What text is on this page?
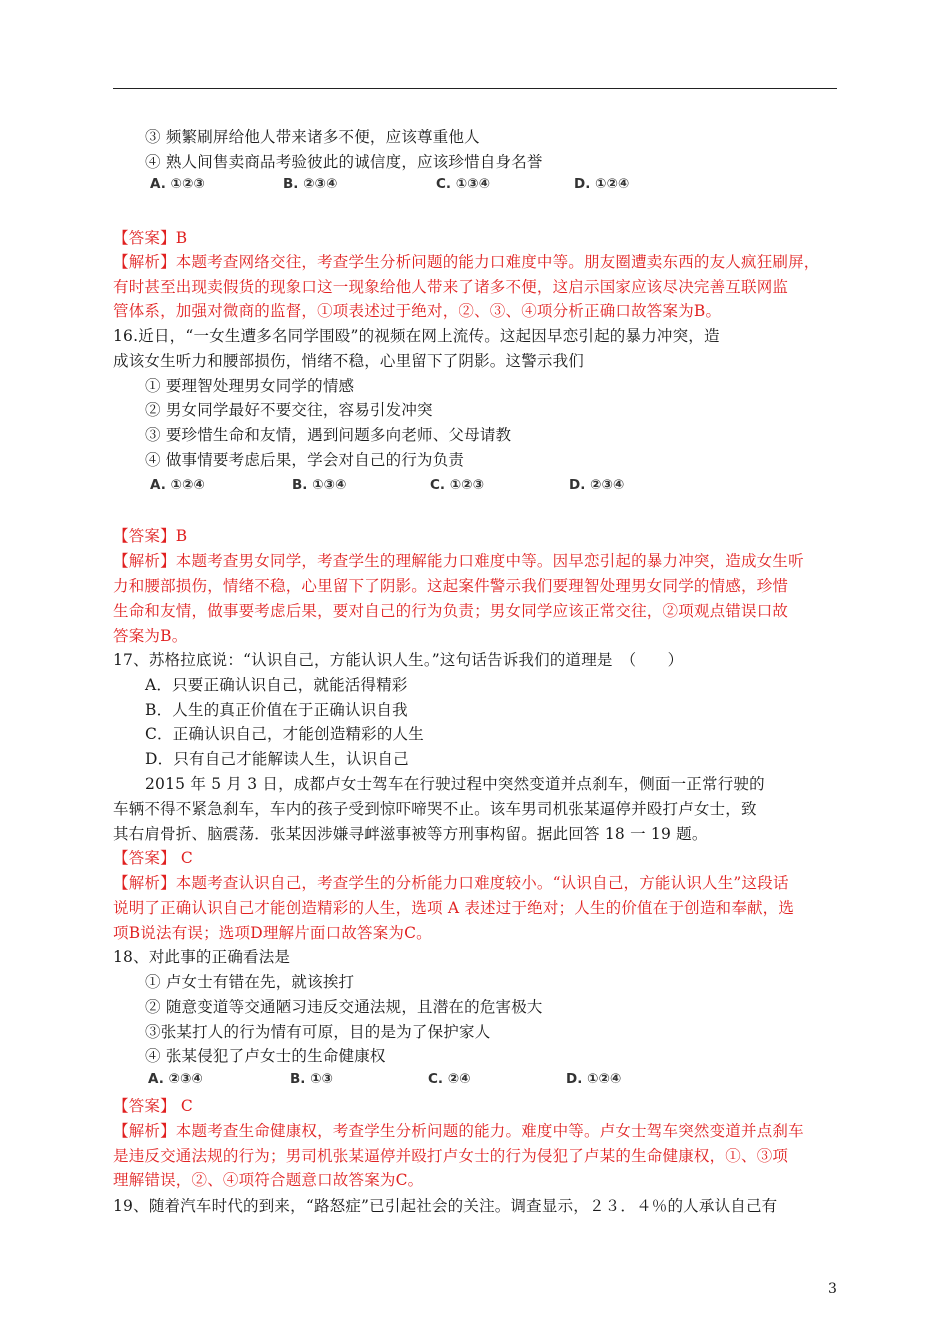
③ 频繁刷屏给他人带来诸多不便，应该尊重他人
④ 熟人间售卖商品考验彼此的诚信度，应该珍惜自身名誉
A. ①②③	B. ②③④	C. ①③④	D. ①②④
【答案】B
【解析】本题考查网络交往，考查学生分析问题的能力口难度中等。朋友圈遭卖东西的友人疯狂刷屏，
有时甚至出现卖假货的现象口这一现象给他人带来了诸多不便，这启示国家应该尽决完善互联网监
管体系，加强对微商的监督，①项表述过于绝对，②、③、④项分析正确口故答案为B。
16.近日，“一女生遭多名同学围殴”的视频在网上流传。这起因早恋引起的暴力冲突，造
成该女生听力和腰部损伤，悄绪不稳，心里留下了阴影。这警示我们
① 要理智处理男女同学的情感
② 男女同学最好不要交往，容易引发冲突
③ 要珍惜生命和友情，遇到问题多向老师、父母请教
④ 做事情要考虑后果，学会对自己的行为负责
A. ①②④	B. ①③④	C. ①②③	D. ②③④
【答案】B
【解析】本题考查男女同学，考查学生的理解能力口难度中等。因早恋引起的暴力冲突，造成女生听
力和腰部损伤，情绪不稳，心里留下了阴影。这起案件警示我们要理智处理男女同学的情感，珍惜
生命和友情，做事要考虑后果，要对自己的行为负责；男女同学应该正常交往，②项观点错误口故
答案为B。
17、苏格拉底说：“认识自己，方能认识人生。”这句话告诉我们的道理是　（　　）
A．只要正确认识自己，就能活得精彩
B．人生的真正价值在于正确认识自我
C．正确认识自己，才能创造精彩的人生
D．只有自己才能解读人生，认识自己
2015 年 5 月 3 日，成都卢女士驾车在行驶过程中突然变道并点刹车，侧面一正常行驶的
车辆不得不紧急刹车，车内的孩子受到惊吓啼哭不止。该车男司机张某逼停并殴打卢女士，致
其右肩骨折、脑震荡．张某因涉嫌寻衅滋事被等方刑事构留。据此回答 18 一 19 题。
【答案】 C
【解析】本题考查认识自己，考查学生的分析能力口难度较小。“认识自己，方能认识人生”这段话
说明了正确认识自己才能创造精彩的人生，选项 A 表述过于绝对；人生的价值在于创造和奉献，选
项B说法有误；选项D理解片面口故答案为C。
18、对此事的正确看法是
① 卢女士有错在先，就该挨打
② 随意变道等交通陋习违反交通法规，且潜在的危害极大
③张某打人的行为情有可原，目的是为了保护家人
④ 张某侵犯了卢女士的生命健康权
A. ②③④	B. ①③	C. ②④	D. ①②④
【答案】 C
【解析】本题考查生命健康权，考查学生分析问题的能力。难度中等。卢女士驾车突然变道并点刹车
是违反交通法规的行为；男司机张某逼停并殴打卢女士的行为侵犯了卢某的生命健康权，①、③项
理解错误，②、④项符合题意口故答案为C。
19、随着汽车时代的到来，“路怒症”已引起社会的关注。调查显示，２３．４％的人承认自己有
3
